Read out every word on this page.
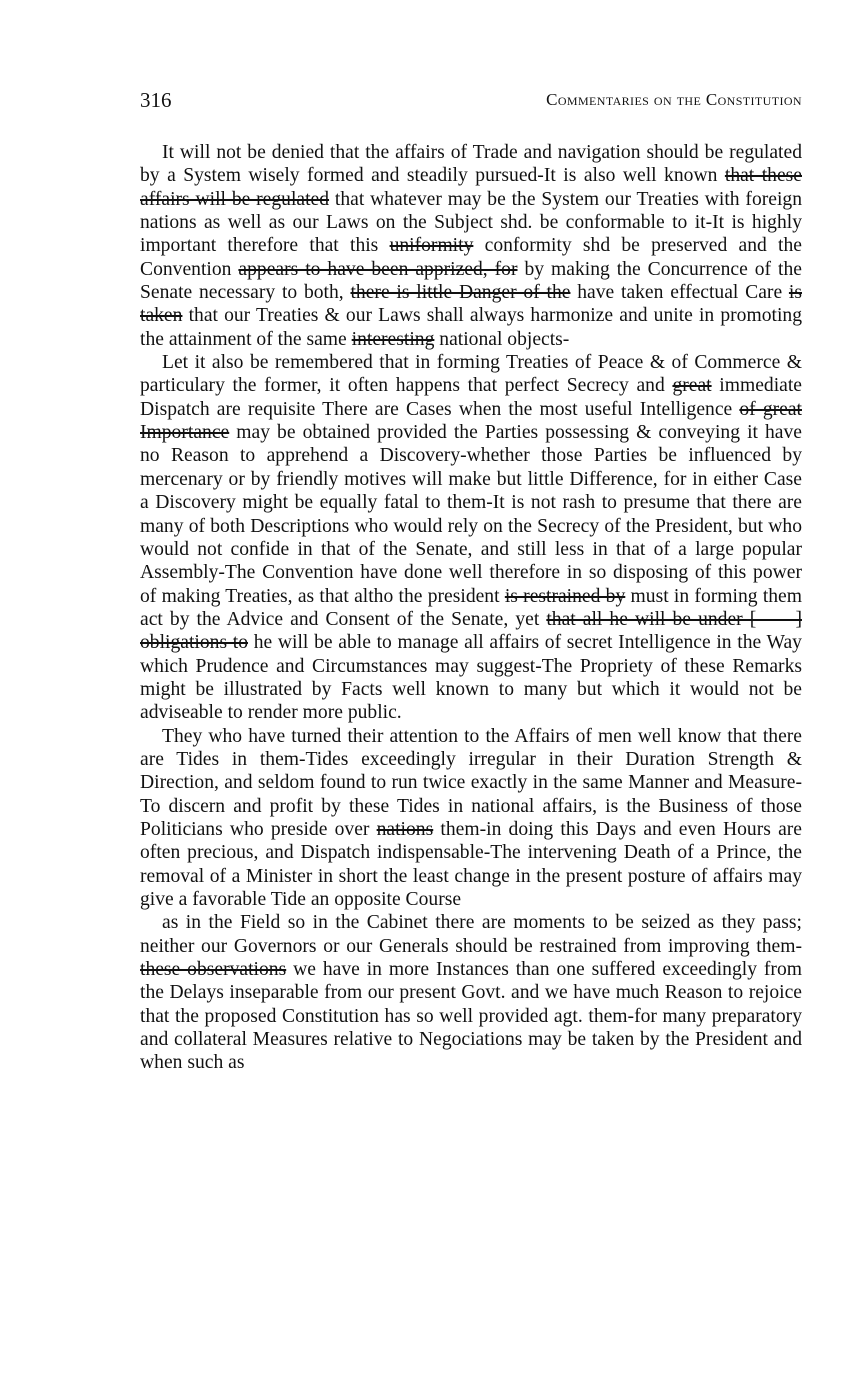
316	Commentaries on the Constitution

It will not be denied that the affairs of Trade and navigation should be regulated by a System wisely formed and steadily pursued-It is also well known that these affairs will be regulated that whatever may be the System our Treaties with foreign nations as well as our Laws on the Subject shd. be conformable to it-It is highly important therefore that this uniformity conformity shd be preserved and the Convention appears to have been apprized, for by making the Concurrence of the Senate necessary to both, there is little Danger of the have taken effectual Care is taken that our Treaties & our Laws shall always harmonize and unite in promoting the attainment of the same interesting national objects-

Let it also be remembered that in forming Treaties of Peace & of Commerce & particulary the former, it often happens that perfect Secrecy and great immediate Dispatch are requisite There are Cases when the most useful Intelligence of great Importance may be obtained provided the Parties possessing & conveying it have no Reason to apprehend a Discovery-whether those Parties be influenced by mercenary or by friendly motives will make but little Difference, for in either Case a Discovery might be equally fatal to them-It is not rash to presume that there are many of both Descriptions who would rely on the Secrecy of the President, but who would not confide in that of the Senate, and still less in that of a large popular Assembly-The Convention have done well therefore in so disposing of this power of making Treaties, as that altho the president is restrained by must in forming them act by the Advice and Consent of the Senate, yet that all he will be under [——] obligations to he will be able to manage all affairs of secret Intelligence in the Way which Prudence and Circumstances may suggest-The Propriety of these Remarks might be illustrated by Facts well known to many but which it would not be adviseable to render more public.

They who have turned their attention to the Affairs of men well know that there are Tides in them-Tides exceedingly irregular in their Duration Strength & Direction, and seldom found to run twice exactly in the same Manner and Measure-To discern and profit by these Tides in national affairs, is the Business of those Politicians who preside over nations them-in doing this Days and even Hours are often precious, and Dispatch indispensable-The intervening Death of a Prince, the removal of a Minister in short the least change in the present posture of affairs may give a favorable Tide an opposite Course

as in the Field so in the Cabinet there are moments to be seized as they pass; neither our Governors or our Generals should be restrained from improving them-these observations we have in more Instances than one suffered exceedingly from the Delays inseparable from our present Govt. and we have much Reason to rejoice that the proposed Constitution has so well provided agt. them-for many preparatory and collateral Measures relative to Negociations may be taken by the President and when such as
